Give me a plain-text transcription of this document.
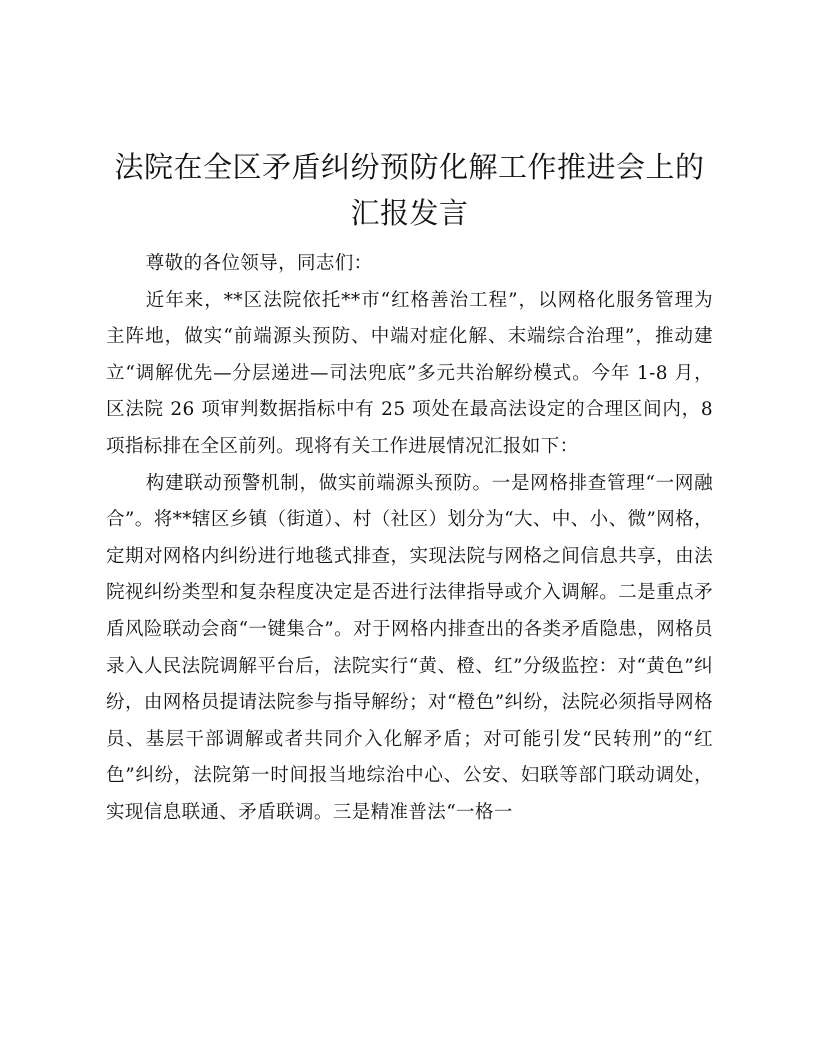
法院在全区矛盾纠纷预防化解工作推进会上的
汇报发言

尊敬的各位领导，同志们：

近年来，**区法院依托**市“红格善治工程”，以网格化服务管理为主阵地，做实“前端源头预防、中端对症化解、末端综合治理”，推动建立“调解优先—分层递进—司法兜底”多元共治解纷模式。今年 1-8 月，区法院 26 项审判数据指标中有 25 项处在最高法设定的合理区间内，8 项指标排在全区前列。现将有关工作进展情况汇报如下：

构建联动预警机制，做实前端源头预防。一是网格排查管理“一网融合”。将**辖区乡镇（街道）、村（社区）划分为“大、中、小、微”网格，定期对网格内纠纷进行地毯式排查，实现法院与网格之间信息共享，由法院视纠纷类型和复杂程度决定是否进行法律指导或介入调解。二是重点矛盾风险联动会商“一键集合”。对于网格内排查出的各类矛盾隐患，网格员录入人民法院调解平台后，法院实行“黄、橙、红”分级监控：对“黄色”纠纷，由网格员提请法院参与指导解纷；对“橙色”纠纷，法院必须指导网格员、基层干部调解或者共同介入化解矛盾；对可能引发“民转刑”的“红色”纠纷，法院第一时间报当地综治中心、公安、妇联等部门联动调处，实现信息联通、矛盾联调。三是精准普法“一格一
